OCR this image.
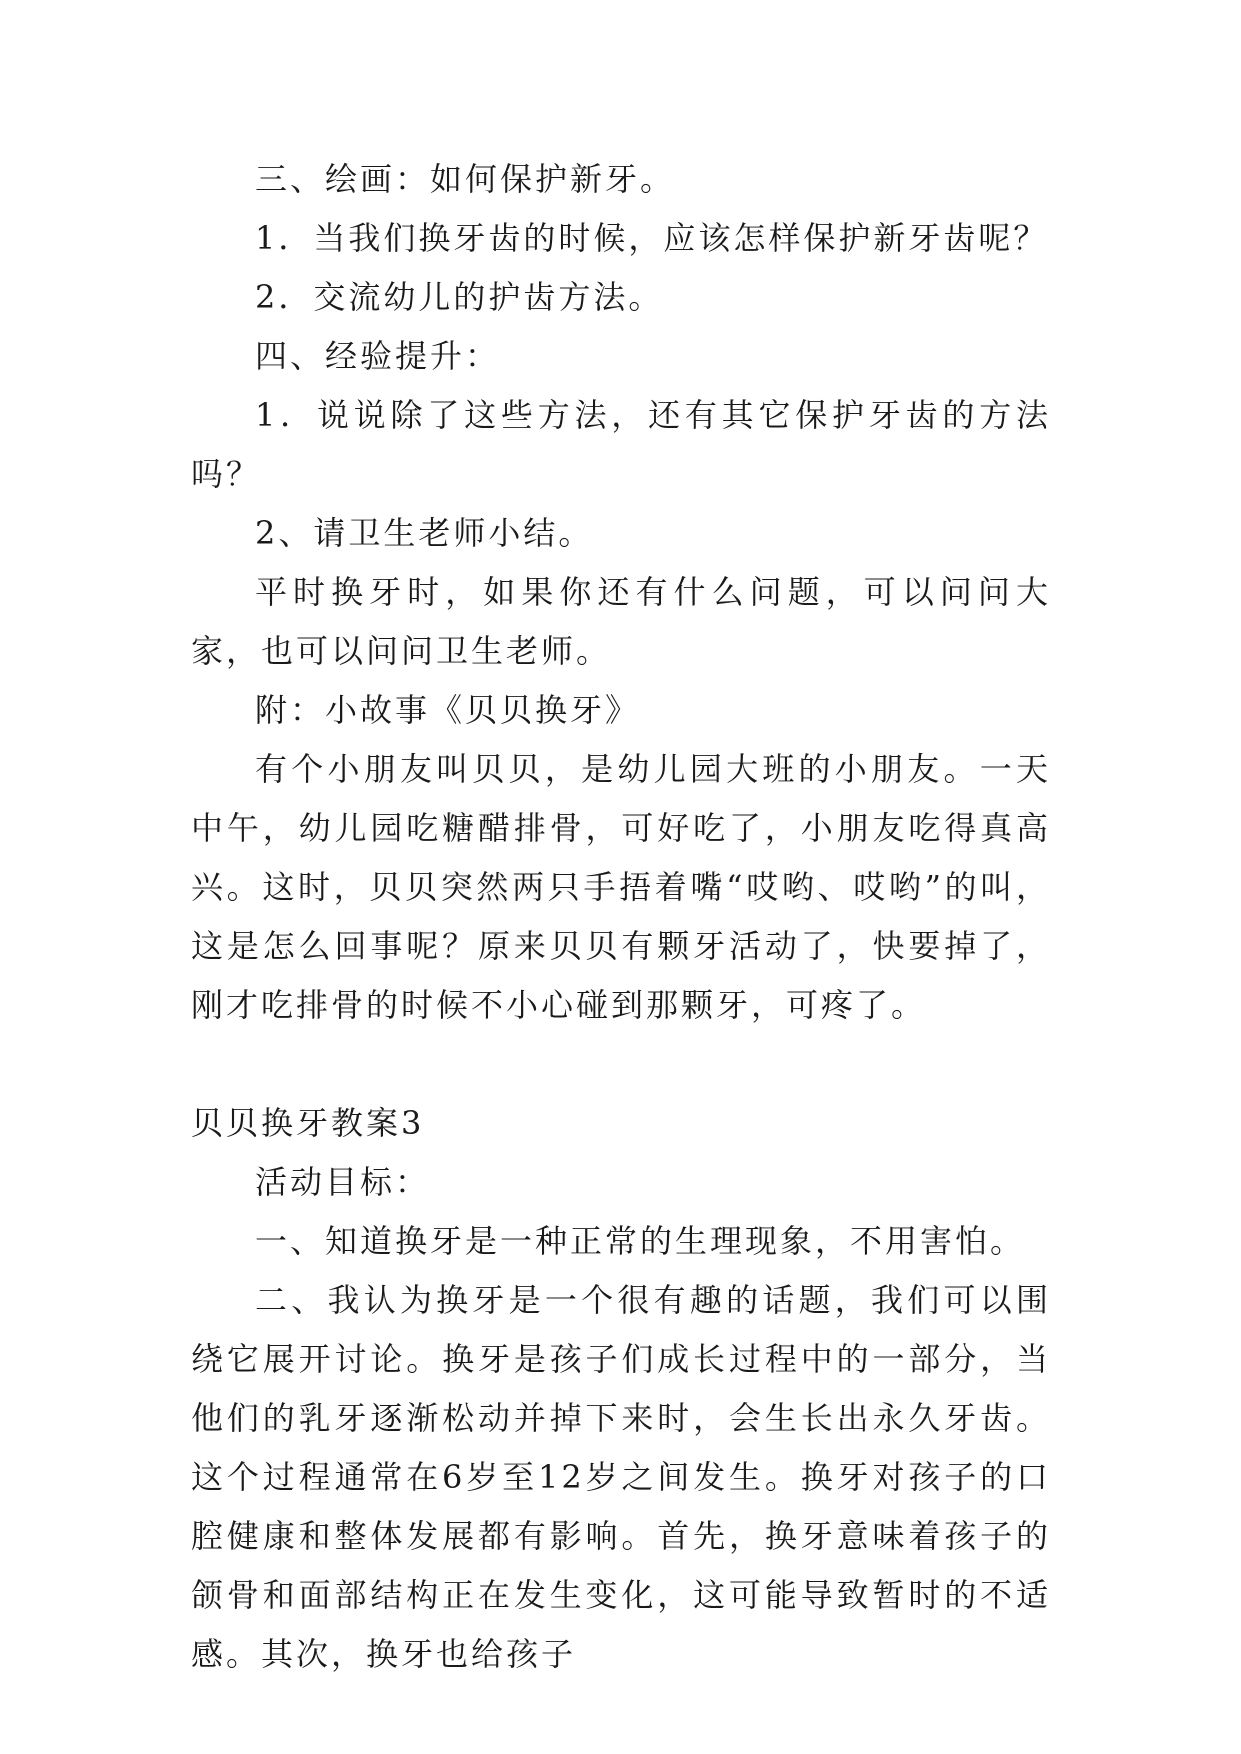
三、绘画：如何保护新牙。

1．当我们换牙齿的时候，应该怎样保护新牙齿呢？

2．交流幼儿的护齿方法。

四、经验提升：

1．说说除了这些方法，还有其它保护牙齿的方法吗？

2、请卫生老师小结。

平时换牙时，如果你还有什么问题，可以问问大家，也可以问问卫生老师。

附：小故事《贝贝换牙》

有个小朋友叫贝贝，是幼儿园大班的小朋友。一天中午，幼儿园吃糖醋排骨，可好吃了，小朋友吃得真高兴。这时，贝贝突然两只手捂着嘴“哎哟、哎哟”的叫，这是怎么回事呢？原来贝贝有颗牙活动了，快要掉了，刚才吃排骨的时候不小心碰到那颗牙，可疼了。

贝贝换牙教案3

活动目标：

一、知道换牙是一种正常的生理现象，不用害怕。

二、我认为换牙是一个很有趣的话题，我们可以围绕它展开讨论。换牙是孩子们成长过程中的一部分，当他们的乳牙逐渐松动并掉下来时，会生长出永久牙齿。这个过程通常在6岁至12岁之间发生。换牙对孩子的口腔健康和整体发展都有影响。首先，换牙意味着孩子的颌骨和面部结构正在发生变化，这可能导致暂时的不适感。其次，换牙也给孩子
